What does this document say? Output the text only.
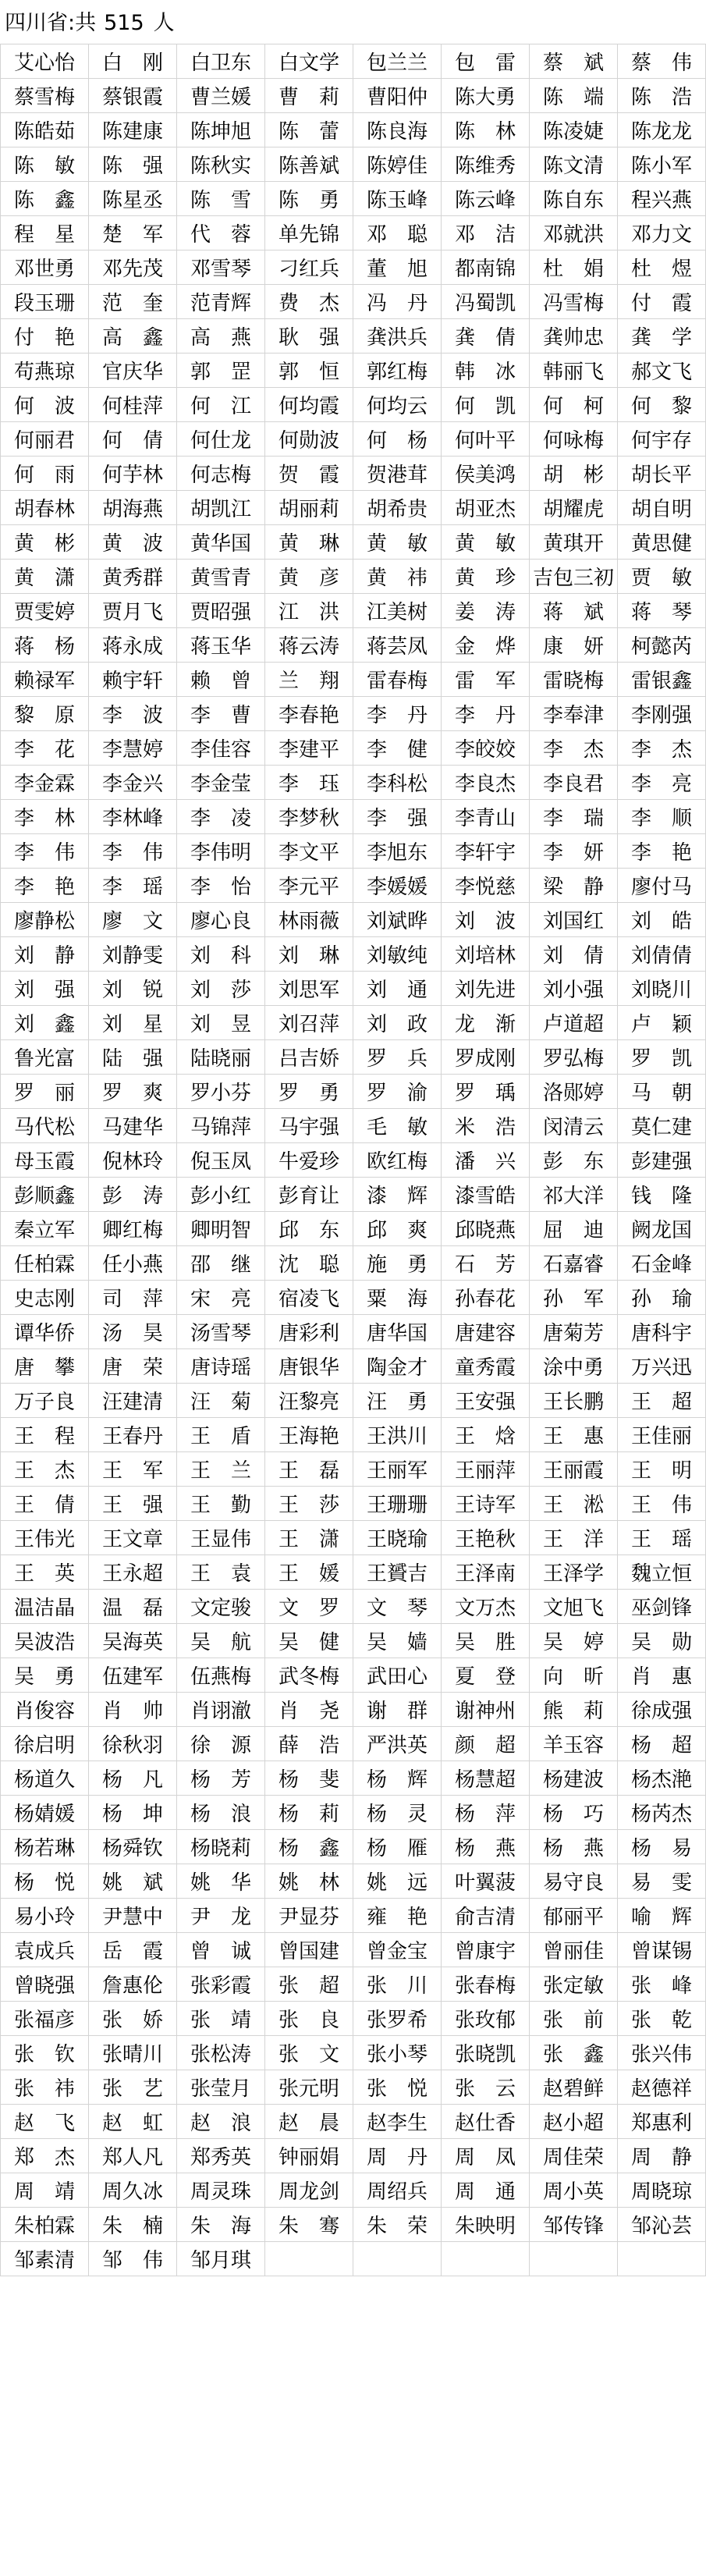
四川省:共 515 人
艾心怡	白　刚	白卫东	白文学	包兰兰	包　雷	蔡　斌	蔡　伟
蔡雪梅	蔡银霞	曹兰媛	曹　莉	曹阳仲	陈大勇	陈　端	陈　浩
陈皓茹	陈建康	陈坤旭	陈　蕾	陈良海	陈　林	陈凌婕	陈龙龙
陈　敏	陈　强	陈秋实	陈善斌	陈婷佳	陈维秀	陈文清	陈小军
陈　鑫	陈星丞	陈　雪	陈　勇	陈玉峰	陈云峰	陈自东	程兴燕
程　星	楚　军	代　蓉	单先锦	邓　聪	邓　洁	邓就洪	邓力文
邓世勇	邓先茂	邓雪琴	刁红兵	董　旭	都南锦	杜　娟	杜　煜
段玉珊	范　奎	范青辉	费　杰	冯　丹	冯蜀凯	冯雪梅	付　霞
付　艳	高　鑫	高　燕	耿　强	龚洪兵	龚　倩	龚帅忠	龚　学
苟燕琼	官庆华	郭　罡	郭　恒	郭红梅	韩　冰	韩丽飞	郝文飞
何　波	何桂萍	何　江	何均霞	何均云	何　凯	何　柯	何　黎
何丽君	何　倩	何仕龙	何勋波	何　杨	何叶平	何咏梅	何宇存
何　雨	何芋林	何志梅	贺　霞	贺港茸	侯美鸿	胡　彬	胡长平
胡春林	胡海燕	胡凯江	胡丽莉	胡希贵	胡亚杰	胡耀虎	胡自明
黄　彬	黄　波	黄华国	黄　琳	黄　敏	黄　敏	黄琪开	黄思健
黄　潇	黄秀群	黄雪青	黄　彦	黄　祎	黄　珍	吉包三初	贾　敏
贾雯婷	贾月飞	贾昭强	江　洪	江美树	姜　涛	蒋　斌	蒋　琴
蒋　杨	蒋永成	蒋玉华	蒋云涛	蒋芸凤	金　烨	康　妍	柯懿芮
赖禄军	赖宇轩	赖　曾	兰　翔	雷春梅	雷　军	雷晓梅	雷银鑫
黎　原	李　波	李　曹	李春艳	李　丹	李　丹	李奉津	李刚强
李　花	李慧婷	李佳容	李建平	李　健	李皎姣	李　杰	李　杰
李金霖	李金兴	李金莹	李　珏	李科松	李良杰	李良君	李　亮
李　林	李林峰	李　凌	李梦秋	李　强	李青山	李　瑞	李　顺
李　伟	李　伟	李伟明	李文平	李旭东	李轩宇	李　妍	李　艳
李　艳	李　瑶	李　怡	李元平	李媛媛	李悦慈	梁　静	廖付马
廖静松	廖　文	廖心良	林雨薇	刘斌晔	刘　波	刘国红	刘　皓
刘　静	刘静雯	刘　科	刘　琳	刘敏纯	刘培林	刘　倩	刘倩倩
刘　强	刘　锐	刘　莎	刘思军	刘　通	刘先进	刘小强	刘晓川
刘　鑫	刘　星	刘　昱	刘召萍	刘　政	龙　渐	卢道超	卢　颖
鲁光富	陆　强	陆晓丽	吕吉娇	罗　兵	罗成刚	罗弘梅	罗　凯
罗　丽	罗　爽	罗小芬	罗　勇	罗　渝	罗　瑀	洛郧婷	马　朝
马代松	马建华	马锦萍	马宇强	毛　敏	米　浩	闵清云	莫仁建
母玉霞	倪林玲	倪玉凤	牛爱珍	欧红梅	潘　兴	彭　东	彭建强
彭顺鑫	彭　涛	彭小红	彭育让	漆　辉	漆雪皓	祁大洋	钱　隆
秦立军	卿红梅	卿明智	邱　东	邱　爽	邱晓燕	屈　迪	阙龙国
任柏霖	任小燕	邵　继	沈　聪	施　勇	石　芳	石嘉睿	石金峰
史志刚	司　萍	宋　亮	宿凌飞	粟　海	孙春花	孙　军	孙　瑜
谭华侨	汤　昊	汤雪琴	唐彩利	唐华国	唐建容	唐菊芳	唐科宇
唐　攀	唐　荣	唐诗瑶	唐银华	陶金才	童秀霞	涂中勇	万兴迅
万子良	汪建清	汪　菊	汪黎亮	汪　勇	王安强	王长鹏	王　超
王　程	王春丹	王　盾	王海艳	王洪川	王　焓	王　惠	王佳丽
王　杰	王　军	王　兰	王　磊	王丽军	王丽萍	王丽霞	王　明
王　倩	王　强	王　勤	王　莎	王珊珊	王诗军	王　淞	王　伟
王伟光	王文章	王显伟	王　潇	王晓瑜	王艳秋	王　洋	王　瑶
王　英	王永超	王　袁	王　媛	王贇吉	王泽南	王泽学	魏立恒
温洁晶	温　磊	文定骏	文　罗	文　琴	文万杰	文旭飞	巫剑锋
吴波浩	吴海英	吴　航	吴　健	吴　嫱	吴　胜	吴　婷	吴　勋
吴　勇	伍建军	伍燕梅	武冬梅	武田心	夏　登	向　昕	肖　惠
肖俊容	肖　帅	肖诩澈	肖　尧	谢　群	谢神州	熊　莉	徐成强
徐启明	徐秋羽	徐　源	薛　浩	严洪英	颜　超	羊玉容	杨　超
杨道久	杨　凡	杨　芳	杨　斐	杨　辉	杨慧超	杨建波	杨杰滟
杨婧媛	杨　坤	杨　浪	杨　莉	杨　灵	杨　萍	杨　巧	杨芮杰
杨若琳	杨舜钦	杨晓莉	杨　鑫	杨　雁	杨　燕	杨　燕	杨　易
杨　悦	姚　斌	姚　华	姚　林	姚　远	叶翼菠	易守良	易　雯
易小玲	尹慧中	尹　龙	尹显芬	雍　艳	俞吉清	郁丽平	喻　辉
袁成兵	岳　霞	曾　诚	曾国建	曾金宝	曾康宇	曾丽佳	曾谋锡
曾晓强	詹惠伦	张彩霞	张　超	张　川	张春梅	张定敏	张　峰
张福彦	张　娇	张　靖	张　良	张罗希	张玫郁	张　前	张　乾
张　钦	张晴川	张松涛	张　文	张小琴	张晓凯	张　鑫	张兴伟
张　祎	张　艺	张莹月	张元明	张　悦	张　云	赵碧鲜	赵德祥
赵　飞	赵　虹	赵　浪	赵　晨	赵李生	赵仕香	赵小超	郑惠利
郑　杰	郑人凡	郑秀英	钟丽娟	周　丹	周　凤	周佳荣	周　静
周　靖	周久冰	周灵珠	周龙剑	周绍兵	周　通	周小英	周晓琼
朱柏霖	朱　楠	朱　海	朱　骞	朱　荣	朱映明	邹传锋	邹沁芸
邹素清	邹　伟	邹月琪					
